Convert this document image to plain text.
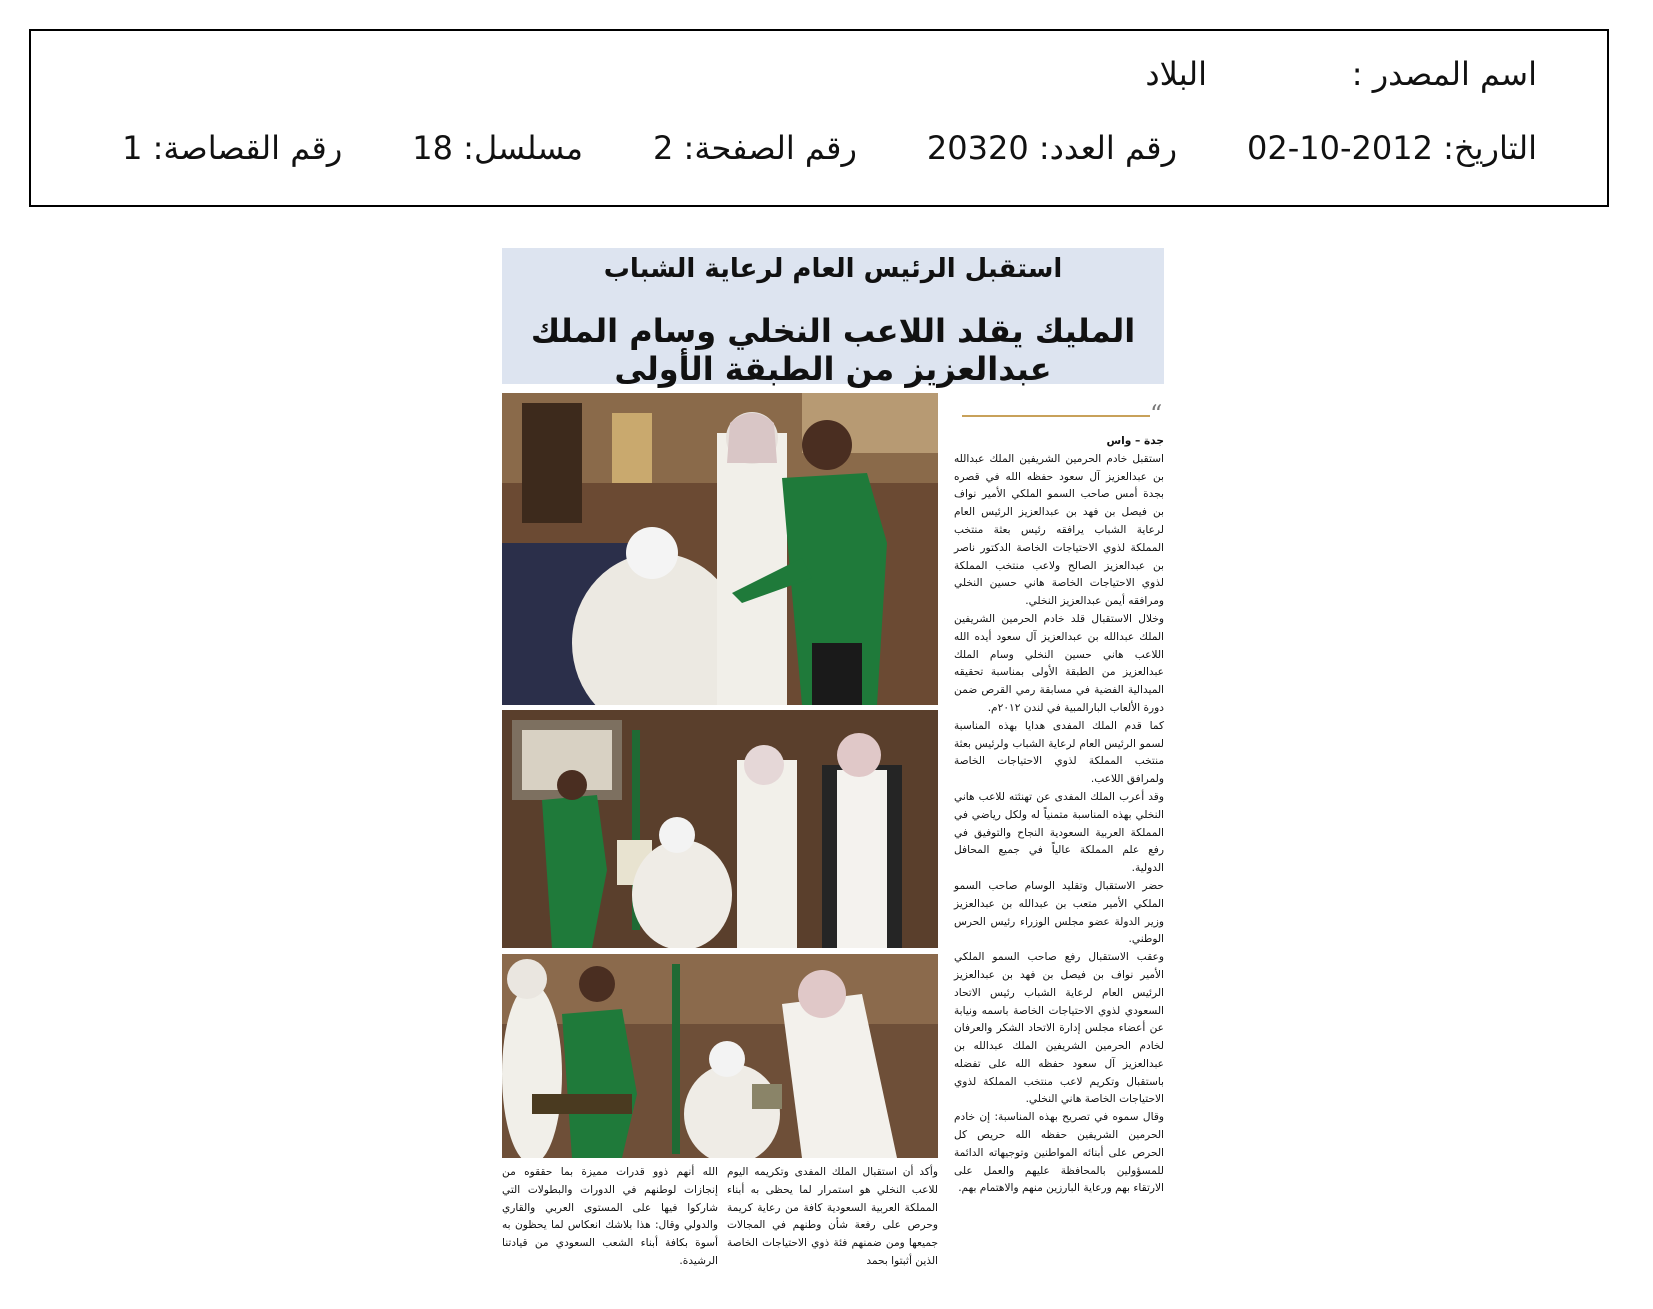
اسم المصدر :
البلاد
التاريخ: 2012-10-02
رقم العدد: 20320
رقم الصفحة: 2
مسلسل: 18
رقم القصاصة: 1
استقبل الرئيس العام لرعاية الشباب
المليك يقلد اللاعب النخلي وسام الملك عبدالعزيز من الطبقة الأولى
“

جدة – واس

استقبل خادم الحرمين الشريفين الملك عبدالله بن عبدالعزيز آل سعود حفظه الله في قصره بجدة أمس صاحب السمو الملكي الأمير نواف بن فيصل بن فهد بن عبدالعزيز الرئيس العام لرعاية الشباب يرافقه رئيس بعثة منتخب المملكة لذوي الاحتياجات الخاصة الدكتور ناصر بن عبدالعزيز الصالح ولاعب منتخب المملكة لذوي الاحتياجات الخاصة هاني حسين النخلي ومرافقه أيمن عبدالعزيز النخلي.

وخلال الاستقبال قلد خادم الحرمين الشريفين الملك عبدالله بن عبدالعزيز آل سعود أيده الله اللاعب هاني حسين النخلي وسام الملك عبدالعزيز من الطبقة الأولى بمناسبة تحقيقه الميدالية الفضية في مسابقة رمي القرص ضمن دورة الألعاب البارالمبية في لندن ٢٠١٢م.

كما قدم الملك المفدى هدايا بهذه المناسبة لسمو الرئيس العام لرعاية الشباب ولرئيس بعثة منتخب المملكة لذوي الاحتياجات الخاصة ولمرافق اللاعب.

وقد أعرب الملك المفدى عن تهنئته للاعب هاني النخلي بهذه المناسبة متمنياً له ولكل رياضي في المملكة العربية السعودية النجاح والتوفيق في رفع علم المملكة عالياً في جميع المحافل الدولية.

حضر الاستقبال وتقليد الوسام صاحب السمو الملكي الأمير متعب بن عبدالله بن عبدالعزيز وزير الدولة عضو مجلس الوزراء رئيس الحرس الوطني.

وعقب الاستقبال رفع صاحب السمو الملكي الأمير نواف بن فيصل بن فهد بن عبدالعزيز الرئيس العام لرعاية الشباب رئيس الاتحاد السعودي لذوي الاحتياجات الخاصة باسمه ونيابة عن أعضاء مجلس إدارة الاتحاد الشكر والعرفان لخادم الحرمين الشريفين الملك عبدالله بن عبدالعزيز آل سعود حفظه الله على تفضله باستقبال وتكريم لاعب منتخب المملكة لذوي الاحتياجات الخاصة هاني النخلي.

وقال سموه في تصريح بهذه المناسبة: إن خادم الحرمين الشريفين حفظه الله حريص كل الحرص على أبنائه المواطنين وتوجيهاته الدائمة للمسؤولين بالمحافظة عليهم والعمل على الارتقاء بهم ورعاية البارزين منهم والاهتمام بهم.

وأكد أن استقبال الملك المفدى وتكريمه اليوم للاعب النخلي هو استمرار لما يحظى به أبناء المملكة العربية السعودية كافة من رعاية كريمة وحرص على رفعة شأن وطنهم في المجالات جميعها ومن ضمنهم فئة ذوي الاحتياجات الخاصة الذين أثبتوا بحمد

الله أنهم ذوو قدرات مميزة بما حققوه من إنجازات لوطنهم في الدورات والبطولات التي شاركوا فيها على المستوى العربي والقاري والدولي وقال: هذا بلاشك انعكاس لما يحظون به أسوة بكافة أبناء الشعب السعودي من قيادتنا الرشيدة.
